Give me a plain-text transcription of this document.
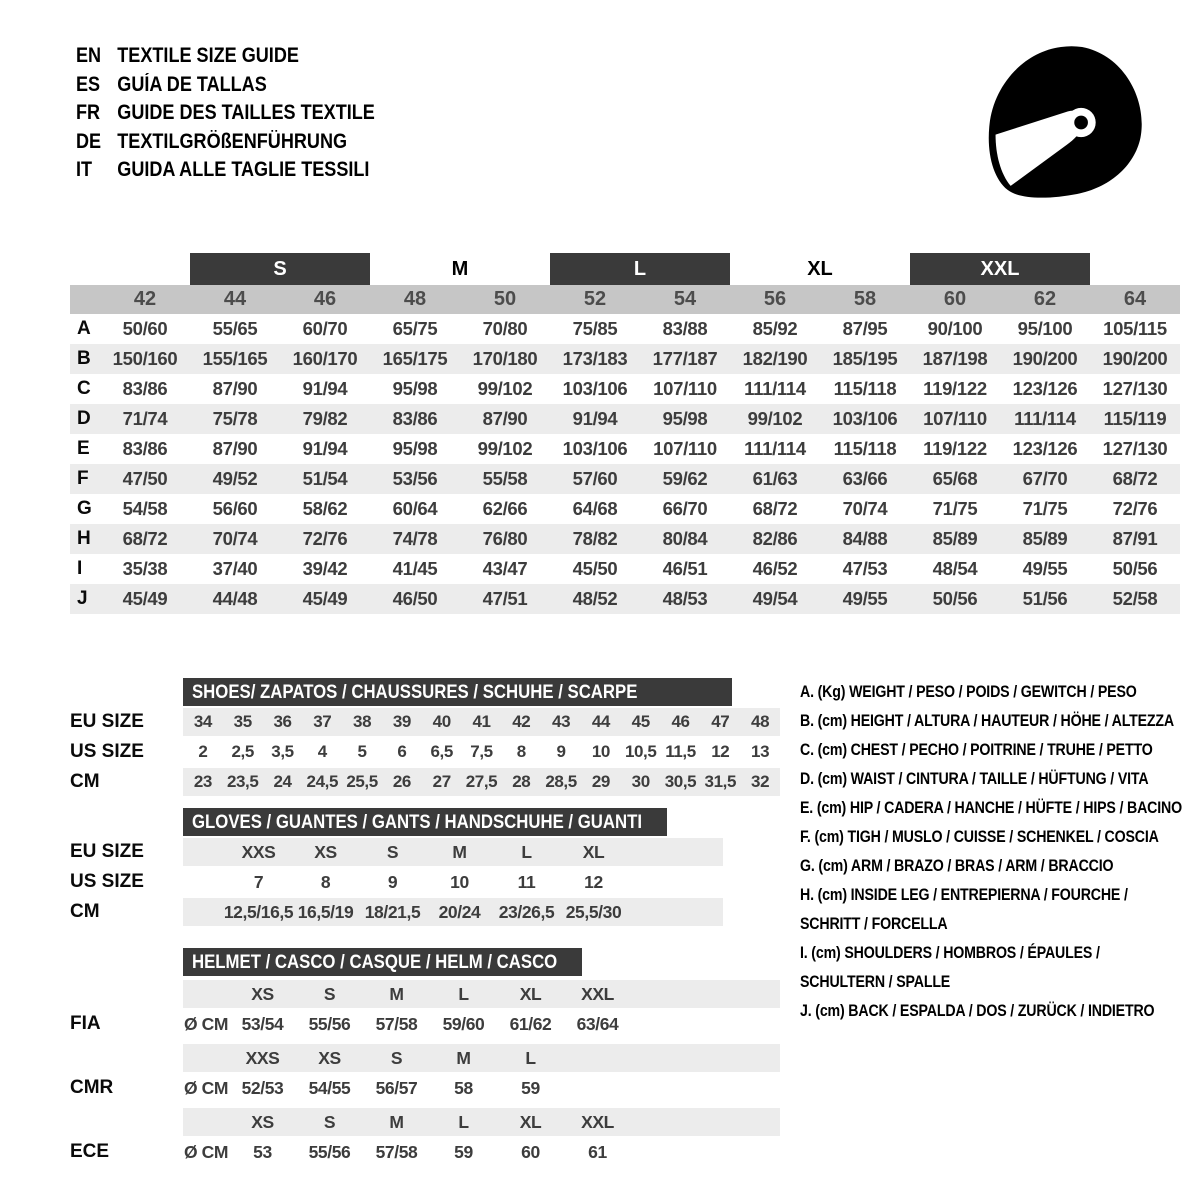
EN TEXTILE SIZE GUIDE
ES GUÍA DE TALLAS
FR GUIDE DES TAILLES TEXTILE
DE TEXTILGRÖßENFÜHRUNG
IT	GUIDA ALLE TAGLIE TESSILI
S	M	L	XL	XXL
42	44	46	48	50	52	54	56	58	60	62	64
A	50/60	55/65	60/70	65/75	70/80	75/85	83/88	85/92	87/95	90/100	95/100	105/115
B	150/160	155/165	160/170	165/175	170/180	173/183	177/187	182/190	185/195	187/198	190/200	190/200
C	83/86	87/90	91/94	95/98	99/102	103/106	107/110	111/114	115/118	119/122	123/126	127/130
D	71/74	75/78	79/82	83/86	87/90	91/94	95/98	99/102	103/106	107/110	111/114	115/119
E	83/86	87/90	91/94	95/98	99/102	103/106	107/110	111/114	115/118	119/122	123/126	127/130
F	47/50	49/52	51/54	53/56	55/58	57/60	59/62	61/63	63/66	65/68	67/70	68/72
G	54/58	56/60	58/62	60/64	62/66	64/68	66/70	68/72	70/74	71/75	71/75	72/76
H	68/72	70/74	72/76	74/78	76/80	78/82	80/84	82/86	84/88	85/89	85/89	87/91
I	35/38	37/40	39/42	41/45	43/47	45/50	46/51	46/52	47/53	48/54	49/55	50/56
J	45/49	44/48	45/49	46/50	47/51	48/52	48/53	49/54	49/55	50/56	51/56	52/58
SHOES/ ZAPATOS / CHAUSSURES / SCHUHE / SCARPE
EU SIZE	34	35	36	37	38	39	40	41	42	43	44	45	46	47	48
US SIZE	2	2,5	3,5	4	5	6	6,5	7,5	8	9	10 10,5 11,5 12	13
CM	23 23,5 24 24,5 25,5 26	27 27,5 28 28,5 29	30 30,5 31,5 32
GLOVES / GUANTES / GANTS / HANDSCHUHE / GUANTI
EU SIZE	XXS	XS	S	M	L	XL
US SIZE	7	8	9	10	11	12
CM	12,5/16,5 16,5/19 18/21,5	20/24	23/26,5 25,5/30
HELMET / CASCO / CASQUE / HELM / CASCO
XS	S	M	L	XL	XXL
Ø CM 53/54	55/56	57/58	59/60	61/62	63/64
FIA
XXS	XS	S	M	L
Ø CM 52/53	54/55	56/57	58	59
CMR
XS	S	M	L	XL	XXL
Ø CM	53	55/56	57/58	59	60	61
ECE
A. (Kg) WEIGHT / PESO / POIDS / GEWITCH / PESO
B. (cm) HEIGHT / ALTURA / HAUTEUR / HÖHE / ALTEZZA
C. (cm) CHEST / PECHO / POITRINE / TRUHE / PETTO
D. (cm) WAIST / CINTURA / TAILLE / HÜFTUNG / VITA
E. (cm) HIP / CADERA / HANCHE / HÜFTE / HIPS / BACINO
F. (cm) TIGH / MUSLO / CUISSE / SCHENKEL / COSCIA
G. (cm) ARM / BRAZO / BRAS / ARM / BRACCIO
H. (cm) INSIDE LEG / ENTREPIERNA / FOURCHE /
SCHRITT / FORCELLA
I. (cm) SHOULDERS / HOMBROS / ÉPAULES /
SCHULTERN / SPALLE
J. (cm) BACK / ESPALDA / DOS / ZURÜCK / INDIETRO
